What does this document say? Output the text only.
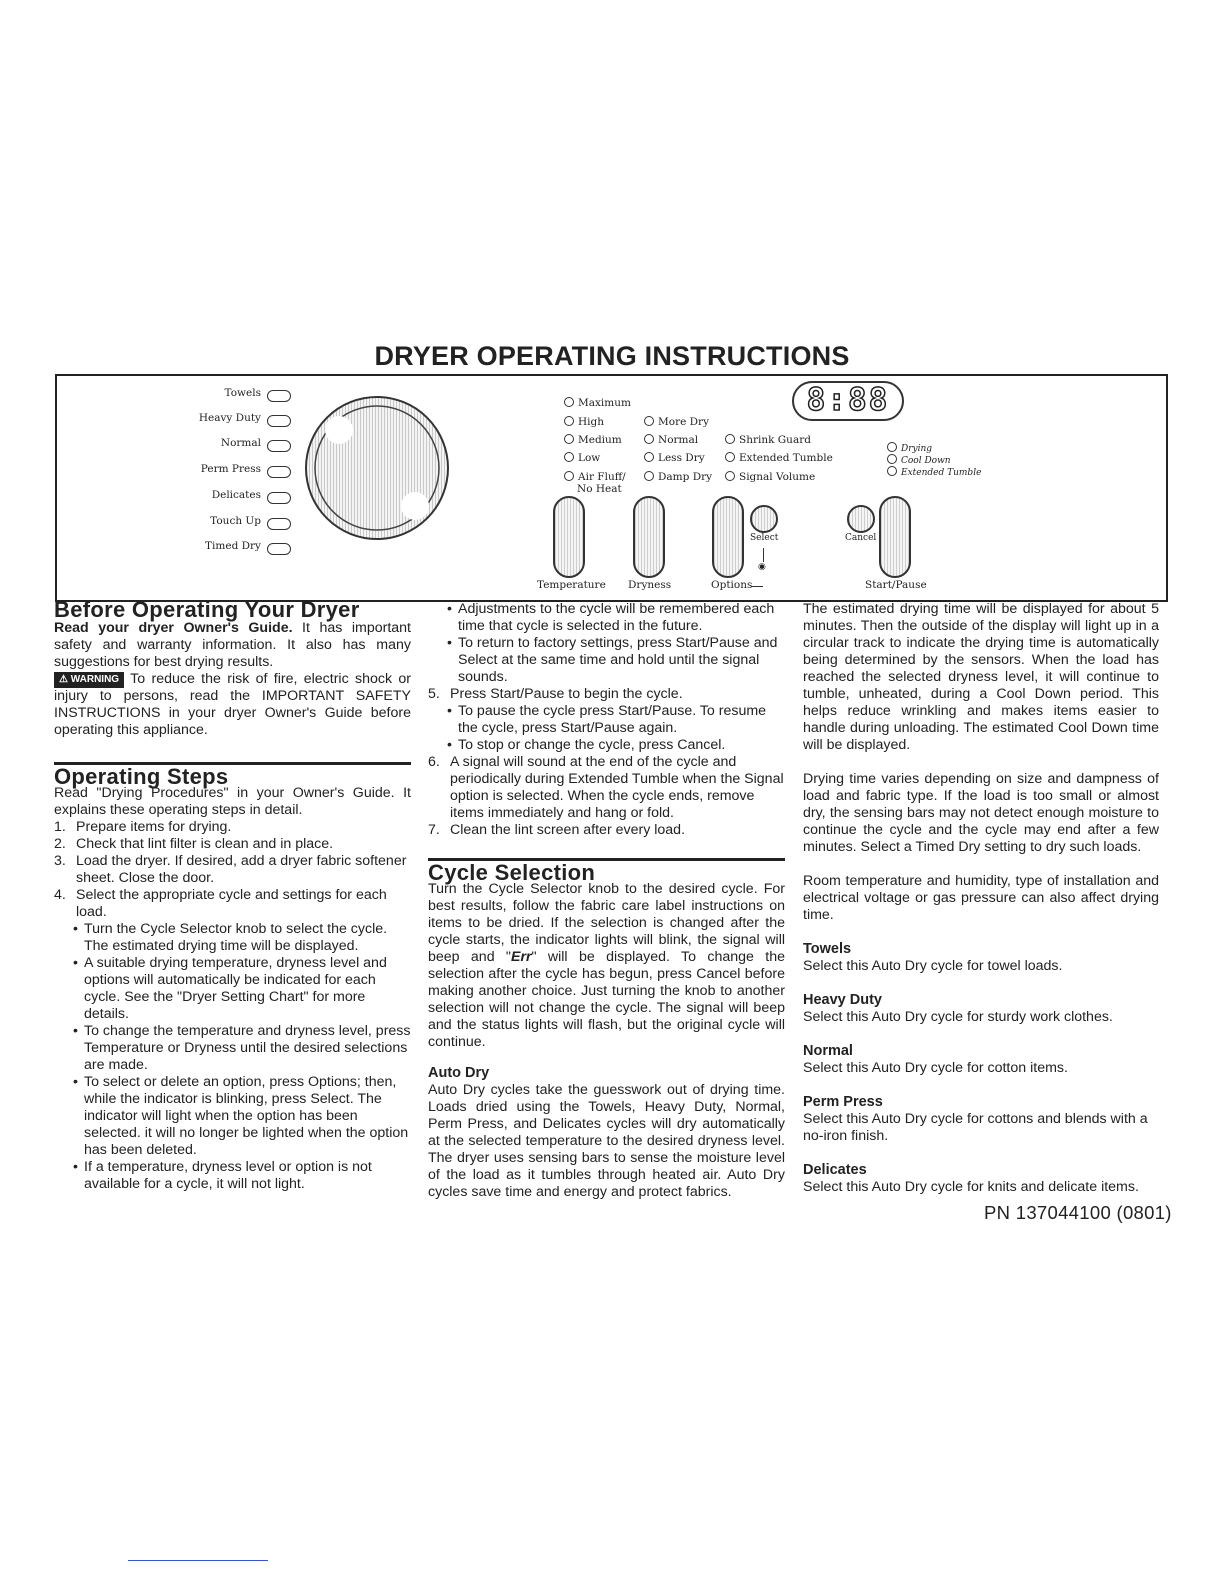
DRYER OPERATING INSTRUCTIONS
Towels
Heavy Duty
Normal
Perm Press
Delicates
Touch Up
Timed Dry
Maximum
High
Medium
Low
Air Fluff/
No Heat
More Dry
Normal
Less Dry
Damp Dry
Shrink Guard
Extended Tumble
Signal Volume
Drying
Cool Down
Extended Tumble
8:88
Select	Cancel
◉
Temperature Dryness	Options	Start/Pause
Before Operating Your Dryer

Read your dryer Owner's Guide. It has important safety and warranty information. It also has many suggestions for best drying results.

⚠ WARNING To reduce the risk of fire, electric shock or injury to persons, read the IMPORTANT SAFETY INSTRUCTIONS in your dryer Owner's Guide before operating this appliance.

Operating Steps

Read "Drying Procedures" in your Owner's Guide. It explains these operating steps in detail.

1. Prepare items for drying.
2. Check that lint filter is clean and in place.
3. Load the dryer. If desired, add a dryer fabric softener sheet. Close the door.
4. Select the appropriate cycle and settings for each load.
• Turn the Cycle Selector knob to select the cycle. The estimated drying time will be displayed.
• A suitable drying temperature, dryness level and options will automatically be indicated for each cycle. See the "Dryer Setting Chart" for more details.
• To change the temperature and dryness level, press Temperature or Dryness until the desired selections are made.
• To select or delete an option, press Options; then, while the indicator is blinking, press Select. The indicator will light when the option has been selected. it will no longer be lighted when the option has been deleted.
• If a temperature, dryness level or option is not available for a cycle, it will not light.
• Adjustments to the cycle will be remembered each time that cycle is selected in the future.
• To return to factory settings, press Start/Pause and Select at the same time and hold until the signal sounds.
5. Press Start/Pause to begin the cycle.
• To pause the cycle press Start/Pause. To resume the cycle, press Start/Pause again.
• To stop or change the cycle, press Cancel.
6. A signal will sound at the end of the cycle and periodically during Extended Tumble when the Signal option is selected. When the cycle ends, remove items immediately and hang or fold.
7. Clean the lint screen after every load.
Cycle Selection

Turn the Cycle Selector knob to the desired cycle. For best results, follow the fabric care label instructions on items to be dried. If the selection is changed after the cycle starts, the indicator lights will blink, the signal will beep and "Err" will be displayed. To change the selection after the cycle has begun, press Cancel before making another choice. Just turning the knob to another selection will not change the cycle. The signal will beep and the status lights will flash, but the original cycle will continue.

Auto Dry

Auto Dry cycles take the guesswork out of drying time. Loads dried using the Towels, Heavy Duty, Normal, Perm Press, and Delicates cycles will dry automatically at the selected temperature to the desired dryness level. The dryer uses sensing bars to sense the moisture level of the load as it tumbles through heated air. Auto Dry cycles save time and energy and protect fabrics.

The estimated drying time will be displayed for about 5 minutes. Then the outside of the display will light up in a circular track to indicate the drying time is automatically being determined by the sensors. When the load has reached the selected dryness level, it will continue to tumble, unheated, during a Cool Down period. This helps reduce wrinkling and makes items easier to handle during unloading. The estimated Cool Down time will be displayed.

Drying time varies depending on size and dampness of load and fabric type. If the load is too small or almost dry, the sensing bars may not detect enough moisture to continue the cycle and the cycle may end after a few minutes. Select a Timed Dry setting to dry such loads.

Room temperature and humidity, type of installation and electrical voltage or gas pressure can also affect drying time.

Towels

Select this Auto Dry cycle for towel loads.

Heavy Duty

Select this Auto Dry cycle for sturdy work clothes.

Normal

Select this Auto Dry cycle for cotton items.

Perm Press

Select this Auto Dry cycle for cottons and blends with a no-iron finish.

Delicates

Select this Auto Dry cycle for knits and delicate items.

PN 137044100 (0801)
